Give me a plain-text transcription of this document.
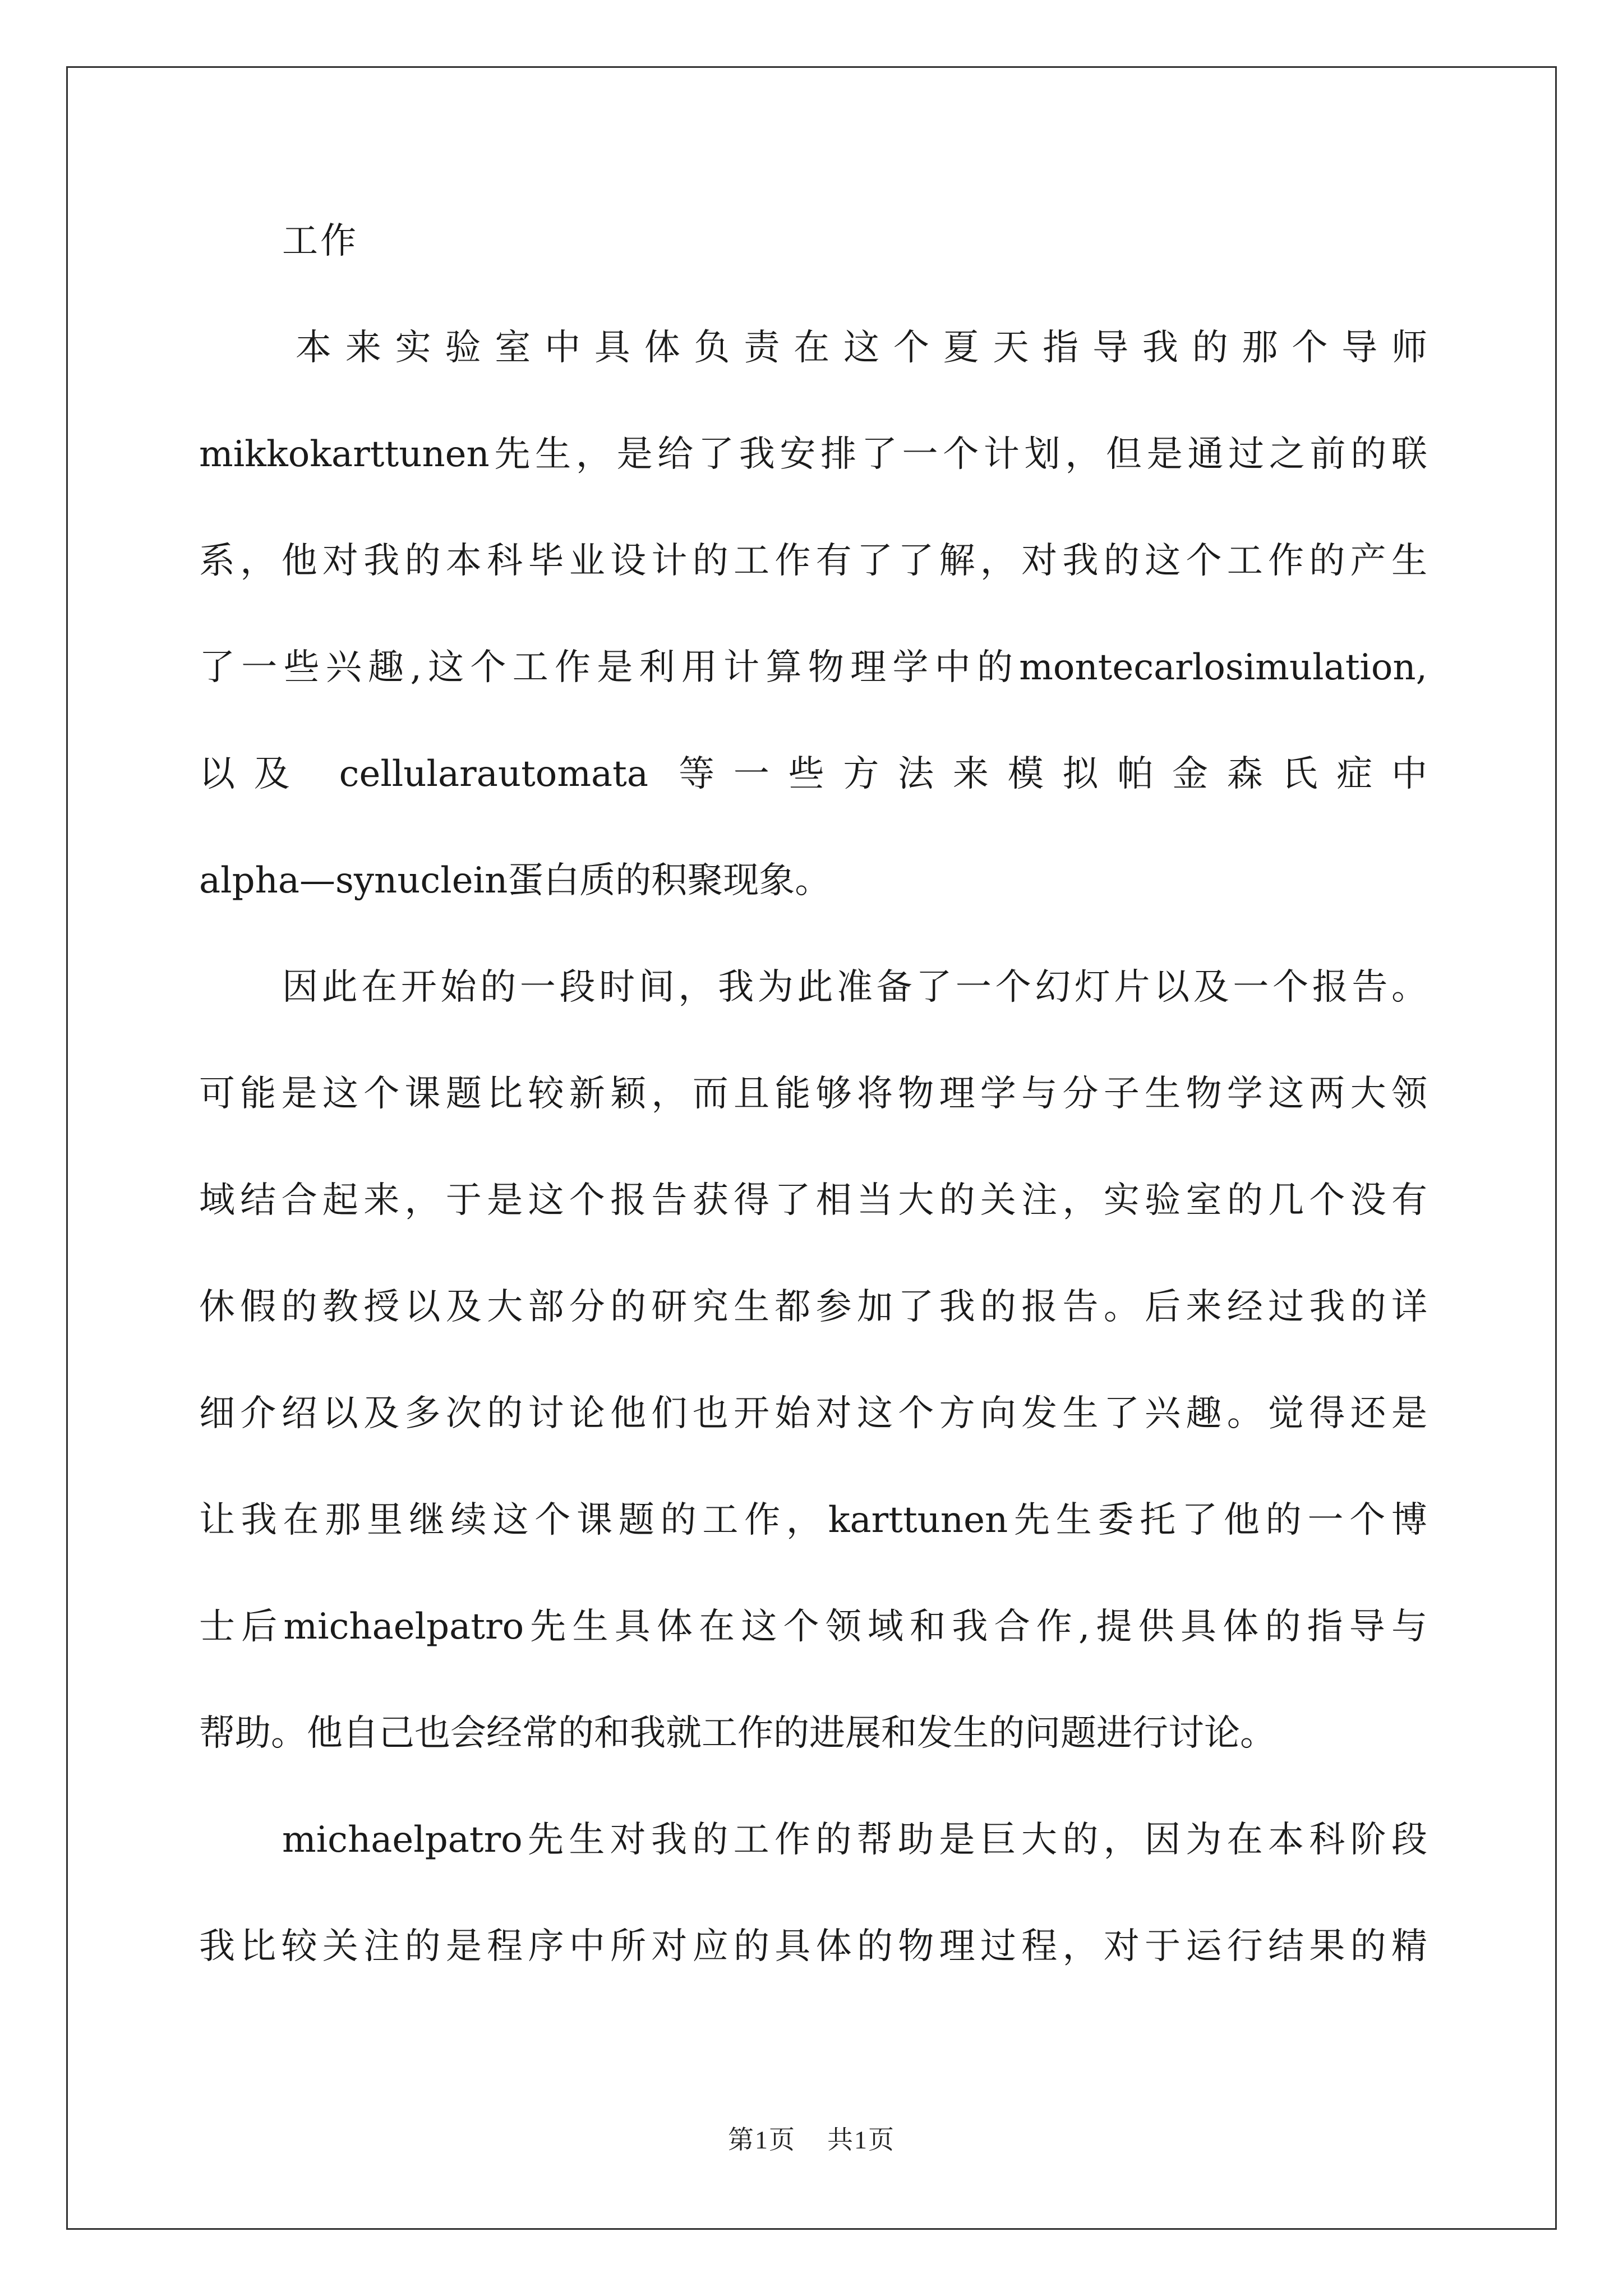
工作
本来实验室中具体负责在这个夏天指导我的那个导师
mikkokarttunen先生，是给了我安排了一个计划，但是通过之前的联
系，他对我的本科毕业设计的工作有了了解，对我的这个工作的产生
了一些兴趣,这个工作是利用计算物理学中的montecarlosimulation,
以及 cellularautomata 等一些方法来模拟帕金森氏症中
alpha—synuclein蛋白质的积聚现象。
因此在开始的一段时间，我为此准备了一个幻灯片以及一个报告。
可能是这个课题比较新颖，而且能够将物理学与分子生物学这两大领
域结合起来，于是这个报告获得了相当大的关注，实验室的几个没有
休假的教授以及大部分的研究生都参加了我的报告。后来经过我的详
细介绍以及多次的讨论他们也开始对这个方向发生了兴趣。觉得还是
让我在那里继续这个课题的工作，karttunen先生委托了他的一个博
士后michaelpatro先生具体在这个领域和我合作,提供具体的指导与
帮助。他自己也会经常的和我就工作的进展和发生的问题进行讨论。
michaelpatro先生对我的工作的帮助是巨大的，因为在本科阶段
我比较关注的是程序中所对应的具体的物理过程，对于运行结果的精
第1页 共1页
